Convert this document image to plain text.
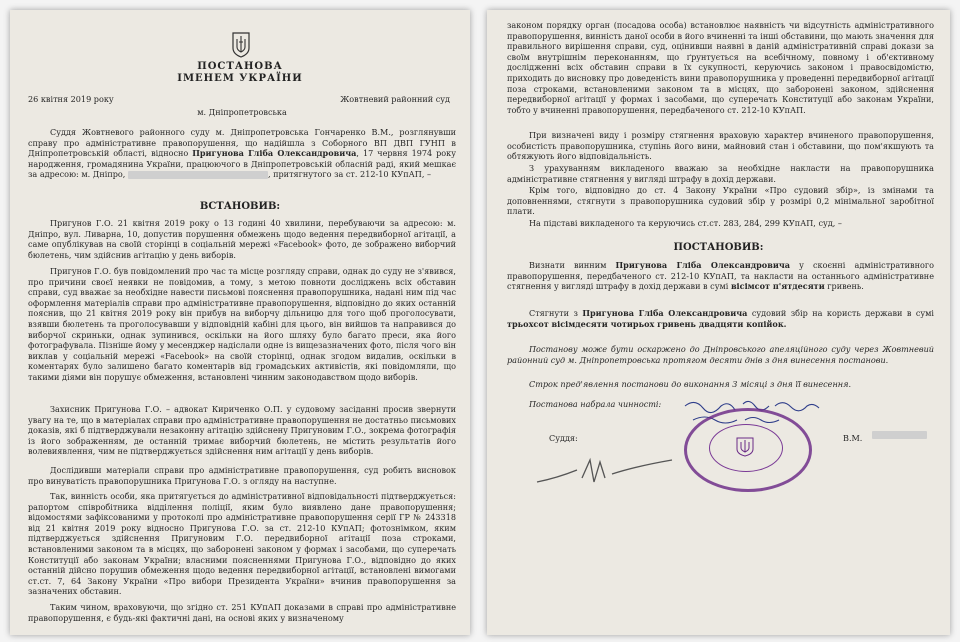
ПОСТАНОВА
ІМЕНЕМ УКРАЇНИ
26 квітня 2019 року	Жовтневий районний суд
м. Дніпропетровська
Суддя Жовтневого районного суду м. Дніпропетровська Гончаренко В.М., розглянувши справу про адміністративне правопорушення, що надійшла з Соборного ВП ДВП ГУНП в Дніпропетровській області, відносно Пригунова Гліба Олександровича, 17 червня 1974 року народження, громадянина України, працюючого в Дніпропетровській обласній раді, який мешкає за адресою: м. Дніпро,	, притягнутого за ст. 212-10 КУпАП, –
ВСТАНОВИВ:
Пригунов Г.О. 21 квітня 2019 року о 13 годині 40 хвилини, перебуваючи за адресою: м. Дніпро, вул. Ливарна, 10, допустив порушення обмежень щодо ведення передвиборної агітації, а саме опублікував на своїй сторінці в соціальній мережі «Facebook» фото, де зображено виборчий бюлетень, чим здійснив агітацію у день виборів.
Пригунов Г.О. був повідомлений про час та місце розгляду справи, однак до суду не з'явився, про причини своєї неявки не повідомив, а тому, з метою повноти досліджень всіх обставин справи, суд вважає за необхідне навести письмові пояснення правопорушника, надані ним під час оформлення матеріалів справи про адміністративне правопорушення, відповідно до яких останній пояснив, що 21 квітня 2019 року він прибув на виборчу дільницю для того щоб проголосувати, взявши бюлетень та проголосувавши у відповідній кабіні для цього, він вийшов та направився до виборчої скриньки, однак зупинився, оскільки на його шляху було багато преси, яка його фотографувала. Пізніше йому у месенджер надіслали одне із вищезазначених фото, після чого він виклав у соціальній мережі «Facebook» на своїй сторінці, однак згодом видалив, оскільки в коментарях було залишено багато коментарів від громадських активістів, які повідомляли, що такими діями він порушує обмеження, встановлені чинним законодавством щодо виборів.
Захисник Пригунова Г.О. – адвокат Кириченко О.П. у судовому засіданні просив звернути увагу на те, що в матеріалах справи про адміністративне правопорушення не достатньо письмових доказів, які б підтверджували незаконну агітацію здійснену Пригуновим Г.О., зокрема фотографія із його зображенням, де останній тримає виборчий бюлетень, не містить результатів його волевиявлення, чим не підтверджується здійснення ним агітації у день виборів.
Дослідивши матеріали справи про адміністративне правопорушення, суд робить висновок про винуватість правопорушника Пригунова Г.О. з огляду на наступне.
Так, винність особи, яка притягується до адміністративної відповідальності підтверджується: рапортом співробітника відділення поліції, яким було виявлено дане правопорушення; відомостями зафіксованими у протоколі про адміністративне правопорушення серії ГР № 243318 від 21 квітня 2019 року відносно Пригунова Г.О. за ст. 212-10 КУпАП; фотознімком, яким підтверджується здійснення Пригуновим Г.О. передвиборної агітації поза строками, встановленими законом та в місцях, що заборонені законом у формах і засобами, що суперечать Конституції або законам України; власними поясненнями Пригунова Г.О., відповідно до яких останній дійсно порушив обмеження щодо ведення передвиборної агітації, встановлені вимогами ст.ст. 7, 64 Закону України «Про вибори Президента України» вчинив правопорушення за зазначених обставин.
Таким чином, враховуючи, що згідно ст. 251 КУпАП доказами в справі про адміністративне правопорушення, є будь-які фактичні дані, на основі яких у визначеному
законом порядку орган (посадова особа) встановлює наявність чи відсутність адміністративного правопорушення, винність даної особи в його вчиненні та інші обставини, що мають значення для правильного вирішення справи, суд, оцінивши наявні в даній адміністративній справі докази за своїм внутрішнім переконанням, що ґрунтується на всебічному, повному і об'єктивному дослідженні всіх обставин справи в їх сукупності, керуючись законом і правосвідомістю, приходить до висновку про доведеність вини правопорушника у проведенні передвиборної агітації поза строками, встановленими законом та в місцях, що заборонені законом, здійснення передвиборної агітації у формах і засобами, що суперечать Конституції або законам України, тобто у вчиненні правопорушення, передбаченого ст. 212-10 КУпАП.
При визначені виду і розміру стягнення враховую характер вчиненого правопорушення, особистість правопорушника, ступінь його вини, майновий стан і обставини, що пом'якшують та обтяжують його відповідальність.
З урахуванням викладеного вважаю за необхідне накласти на правопорушника адміністративне стягнення у вигляді штрафу в дохід держави.
Крім того, відповідно до ст. 4 Закону України «Про судовий збір», із змінами та доповненнями, стягнути з правопорушника судовий збір у розмірі 0,2 мінімальної заробітної плати.
На підставі викладеного та керуючись ст.ст. 283, 284, 299 КУпАП, суд, –
ПОСТАНОВИВ:
Визнати винним Пригунова Гліба Олександровича у скоєнні адміністративного правопорушення, передбаченого ст. 212-10 КУпАП, та накласти на останнього адміністративне стягнення у вигляді штрафу в дохід держави в сумі вісімсот п'ятдесяти гривень.
Стягнути з Пригунова Гліба Олександровича судовий збір на користь держави в сумі трьохсот вісімдесяти чотирьох гривень двадцяти копійок.
Постанову може бути оскаржено до Дніпровського апеляційного суду через Жовтневий районний суд м. Дніпропетровська протягом десяти днів з дня винесення постанови.
Строк пред'явлення постанови до виконання 3 місяці з дня її винесення.
Постанова набрала чинності:
Суддя:	В.М.
